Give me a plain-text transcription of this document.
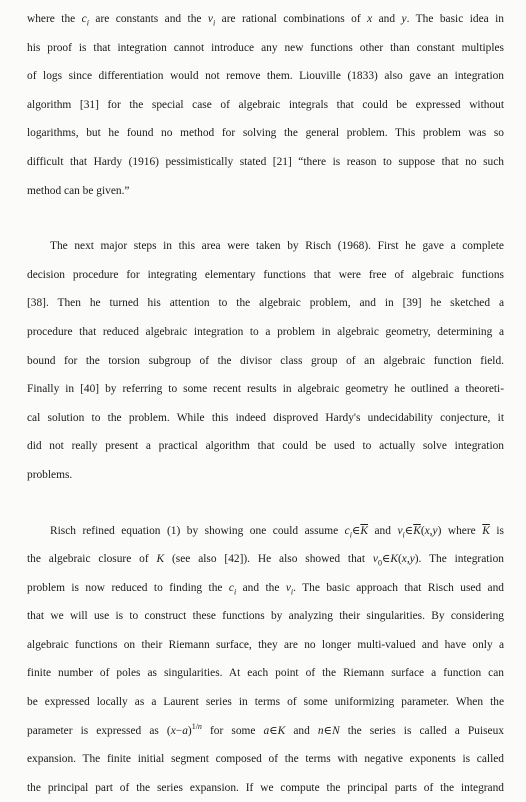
where the $c_i$ are constants and the $v_i$ are rational combinations of x and y. The basic idea in
his proof is that integration cannot introduce any new functions other than constant multiples
of logs since differentiation would not remove them. Liouville (1833) also gave an integration
algorithm [31] for the special case of algebraic integrals that could be expressed without
logarithms, but he found no method for solving the general problem. This problem was so
difficult that Hardy (1916) pessimistically stated [21] “there is reason to suppose that no such
method can be given.”

The next major steps in this area were taken by Risch (1968). First he gave a complete
decision procedure for integrating elementary functions that were free of algebraic functions
[38]. Then he turned his attention to the algebraic problem, and in [39] he sketched a
procedure that reduced algebraic integration to a problem in algebraic geometry, determining a
bound for the torsion subgroup of the divisor class group of an algebraic function field.
Finally in [40] by referring to some recent results in algebraic geometry he outlined a theoreti-
cal solution to the problem. While this indeed disproved Hardy's undecidability conjecture, it
did not really present a practical algorithm that could be used to actually solve integration
problems.

Risch refined equation (1) by showing one could assume $c_i\in\overline{K}$ and $v_i\in\overline{K}(x,y)$ where $\overline{K}$ is
the algebraic closure of K (see also [42]). He also showed that $v_0\in K(x,y)$. The integration
problem is now reduced to finding the $c_i$ and the $v_i$. The basic approach that Risch used and
that we will use is to construct these functions by analyzing their singularities. By considering
algebraic functions on their Riemann surface, they are no longer multi-valued and have only a
finite number of poles as singularities. At each point of the Riemann surface a function can
be expressed locally as a Laurent series in terms of some uniformizing parameter. When the
parameter is expressed as $(x-a)^{1/n}$ for some a∈K and n∈N the series is called a Puiseux
expansion. The finite initial segment composed of the terms with negative exponents is called
the principal part of the series expansion. If we compute the principal parts of the integrand
